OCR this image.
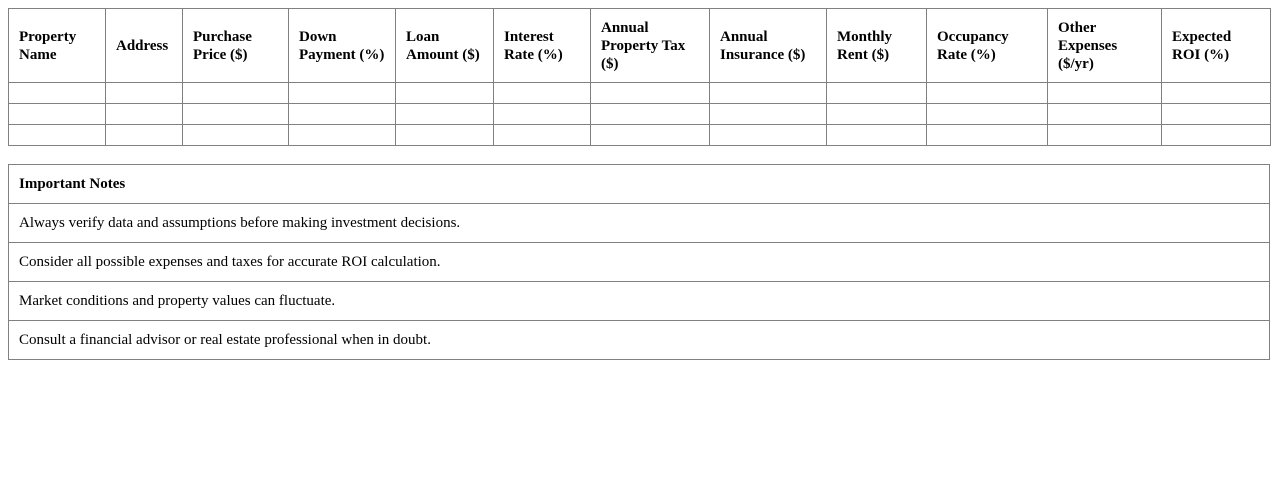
Property Name	Address	Purchase Price ($)	Down Payment (%)	Loan Amount ($)	Interest Rate (%)	Annual Property Tax ($)	Annual Insurance ($)	Monthly Rent ($)	Occupancy Rate (%)	Other Expenses ($/yr)	Expected ROI (%)

Important Notes
Always verify data and assumptions before making investment decisions.
Consider all possible expenses and taxes for accurate ROI calculation.
Market conditions and property values can fluctuate.
Consult a financial advisor or real estate professional when in doubt.
